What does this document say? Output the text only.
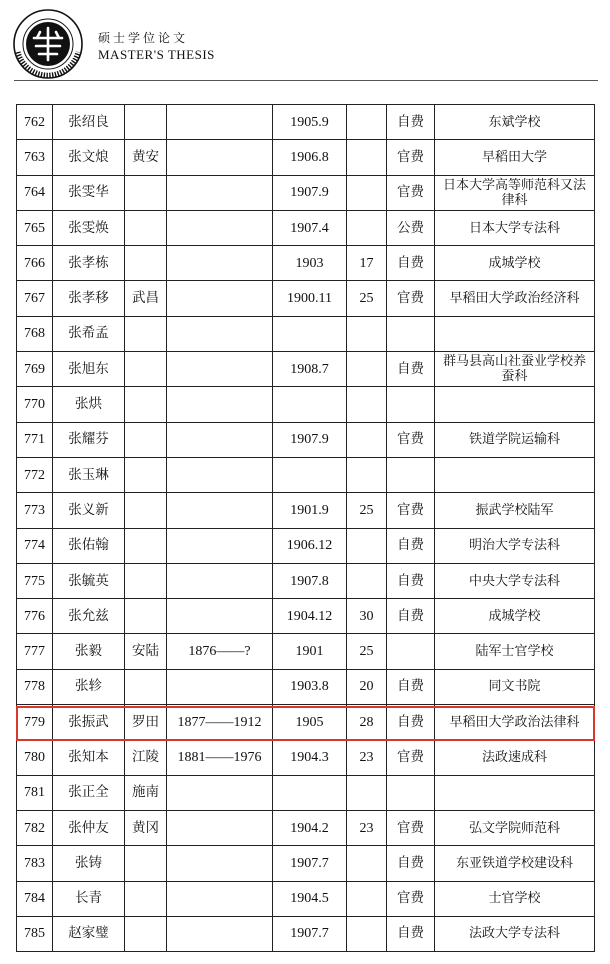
硕士学位论文
MASTER'S THESIS
762	张绍良			1905.9		自费	东斌学校
763	张文烺	黄安		1906.8		官费	早稻田大学
764	张雯华			1907.9		官费	日本大学高等师范科又法律科
765	张雯焕			1907.4		公费	日本大学专法科
766	张孝栋			1903	17	自费	成城学校
767	张孝移	武昌		1900.11	25	官费	早稻田大学政治经济科
768	张希孟						
769	张旭东			1908.7		自费	群马县高山社蚕业学校养蚕科
770	张烘						
771	张耀芬			1907.9		官费	铁道学院运输科
772	张玉琳						
773	张义新			1901.9	25	官费	振武学校陆军
774	张佑翰			1906.12		自费	明治大学专法科
775	张毓英			1907.8		自费	中央大学专法科
776	张允兹			1904.12	30	自费	成城学校
777	张毅	安陆	1876——?	1901	25		陆军士官学校
778	张轸			1903.8	20	自费	同文书院
779	张振武	罗田	1877——1912	1905	28	自费	早稻田大学政治法律科
780	张知本	江陵	1881——1976	1904.3	23	官费	法政速成科
781	张正全	施南					
782	张仲友	黄冈		1904.2	23	官费	弘文学院师范科
783	张铸			1907.7		自费	东亚铁道学校建设科
784	长青			1904.5		官费	士官学校
785	赵家璧			1907.7		自费	法政大学专法科
